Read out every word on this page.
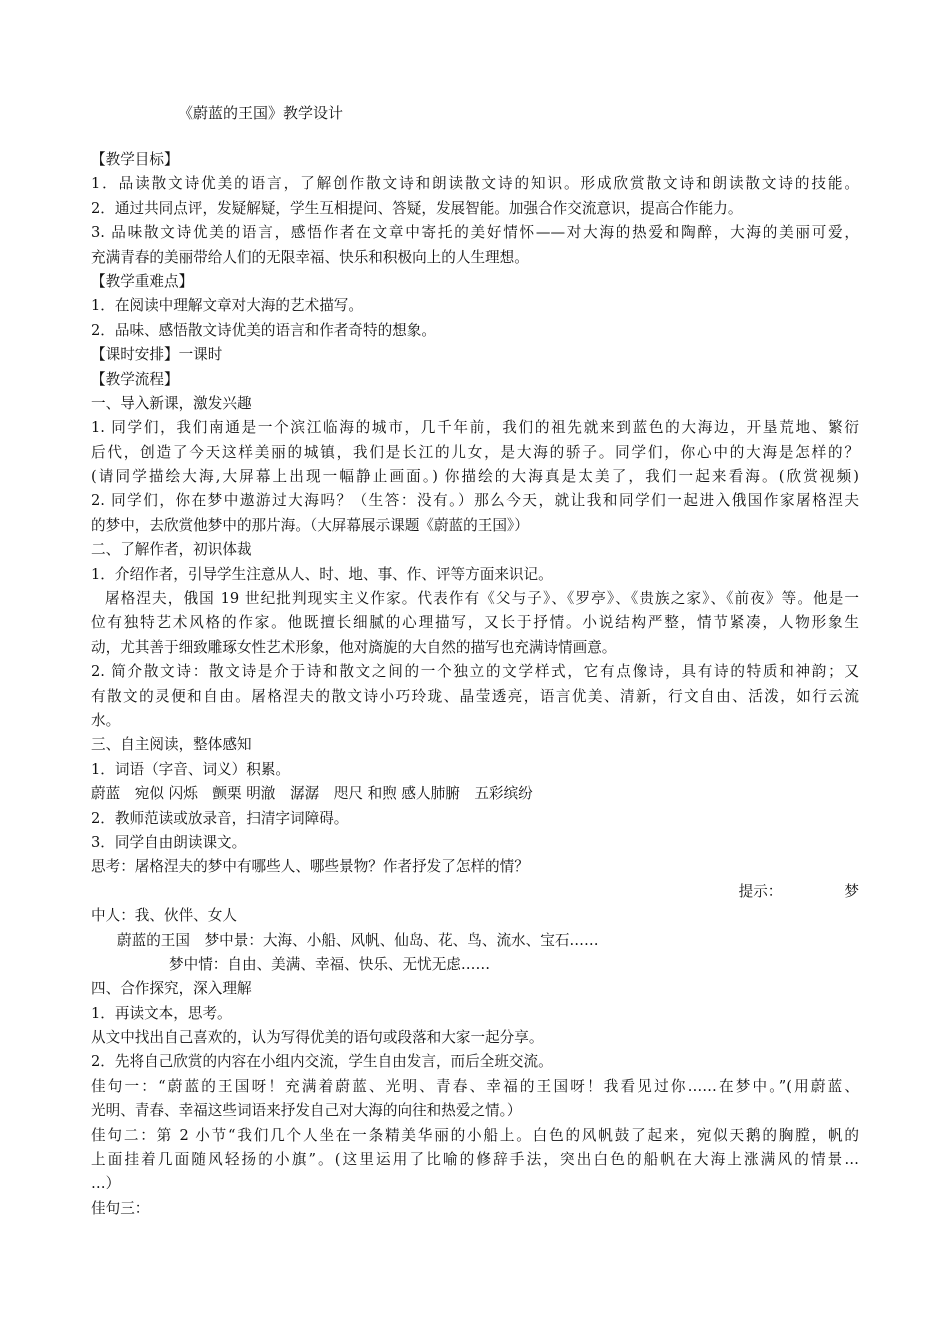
《蔚蓝的王国》教学设计
【教学目标】
1．品读散文诗优美的语言，了解创作散文诗和朗读散文诗的知识。形成欣赏散文诗和朗读散文诗的技能。
2．通过共同点评，发疑解疑，学生互相提问、答疑，发展智能。加强合作交流意识，提高合作能力。
3. 品味散文诗优美的语言，感悟作者在文章中寄托的美好情怀——对大海的热爱和陶醉，大海的美丽可爱，
充满青春的美丽带给人们的无限幸福、快乐和积极向上的人生理想。
【教学重难点】
1．在阅读中理解文章对大海的艺术描写。
2．品味、感悟散文诗优美的语言和作者奇特的想象。
【课时安排】一课时
【教学流程】
一、导入新课，激发兴趣
1. 同学们，我们南通是一个滨江临海的城市，几千年前，我们的祖先就来到蓝色的大海边，开垦荒地、繁衍
后代，创造了今天这样美丽的城镇，我们是长江的儿女，是大海的骄子。同学们，你心中的大海是怎样的？
(请同学描绘大海,大屏幕上出现一幅静止画面。) 你描绘的大海真是太美了，我们一起来看海。(欣赏视频)
2. 同学们，你在梦中遨游过大海吗？（生答：没有。）那么今天，就让我和同学们一起进入俄国作家屠格涅夫
的梦中，去欣赏他梦中的那片海。（大屏幕展示课题《蔚蓝的王国》）
二、了解作者，初识体裁
1．介绍作者，引导学生注意从人、时、地、事、作、评等方面来识记。
屠格涅夫，俄国 19 世纪批判现实主义作家。代表作有《父与子》、《罗亭》、《贵族之家》、《前夜》等。他是一
位有独特艺术风格的作家。他既擅长细腻的心理描写，又长于抒情。小说结构严整，情节紧凑，人物形象生
动，尤其善于细致雕琢女性艺术形象，他对旖旎的大自然的描写也充满诗情画意。
2. 简介散文诗：散文诗是介于诗和散文之间的一个独立的文学样式，它有点像诗，具有诗的特质和神韵；又
有散文的灵便和自由。屠格涅夫的散文诗小巧玲珑、晶莹透亮，语言优美、清新，行文自由、活泼，如行云流
水。
三、自主阅读，整体感知
1．词语（字音、词义）积累。
蔚蓝　宛似 闪烁　颤栗 明澈　潺潺　咫尺 和煦 感人肺腑　五彩缤纷
2．教师范读或放录音，扫清字词障碍。
3．同学自由朗读课文。
思考：屠格涅夫的梦中有哪些人、哪些景物？作者抒发了怎样的情？
提示：	梦
中人：我、伙伴、女人
蔚蓝的王国　梦中景：大海、小船、风帆、仙岛、花、鸟、流水、宝石……
梦中情：自由、美满、幸福、快乐、无忧无虑……
四、合作探究，深入理解
1．再读文本，思考。
从文中找出自己喜欢的，认为写得优美的语句或段落和大家一起分享。
2．先将自己欣赏的内容在小组内交流，学生自由发言，而后全班交流。
佳句一：“蔚蓝的王国呀！充满着蔚蓝、光明、青春、幸福的王国呀！我看见过你……在梦中。”(用蔚蓝、
光明、青春、幸福这些词语来抒发自己对大海的向往和热爱之情。）
佳句二：第 2 小节“我们几个人坐在一条精美华丽的小船上。白色的风帆鼓了起来，宛似天鹅的胸膛，帆的
上面挂着几面随风轻扬的小旗”。(这里运用了比喻的修辞手法，突出白色的船帆在大海上涨满风的情景…
…）
佳句三：
